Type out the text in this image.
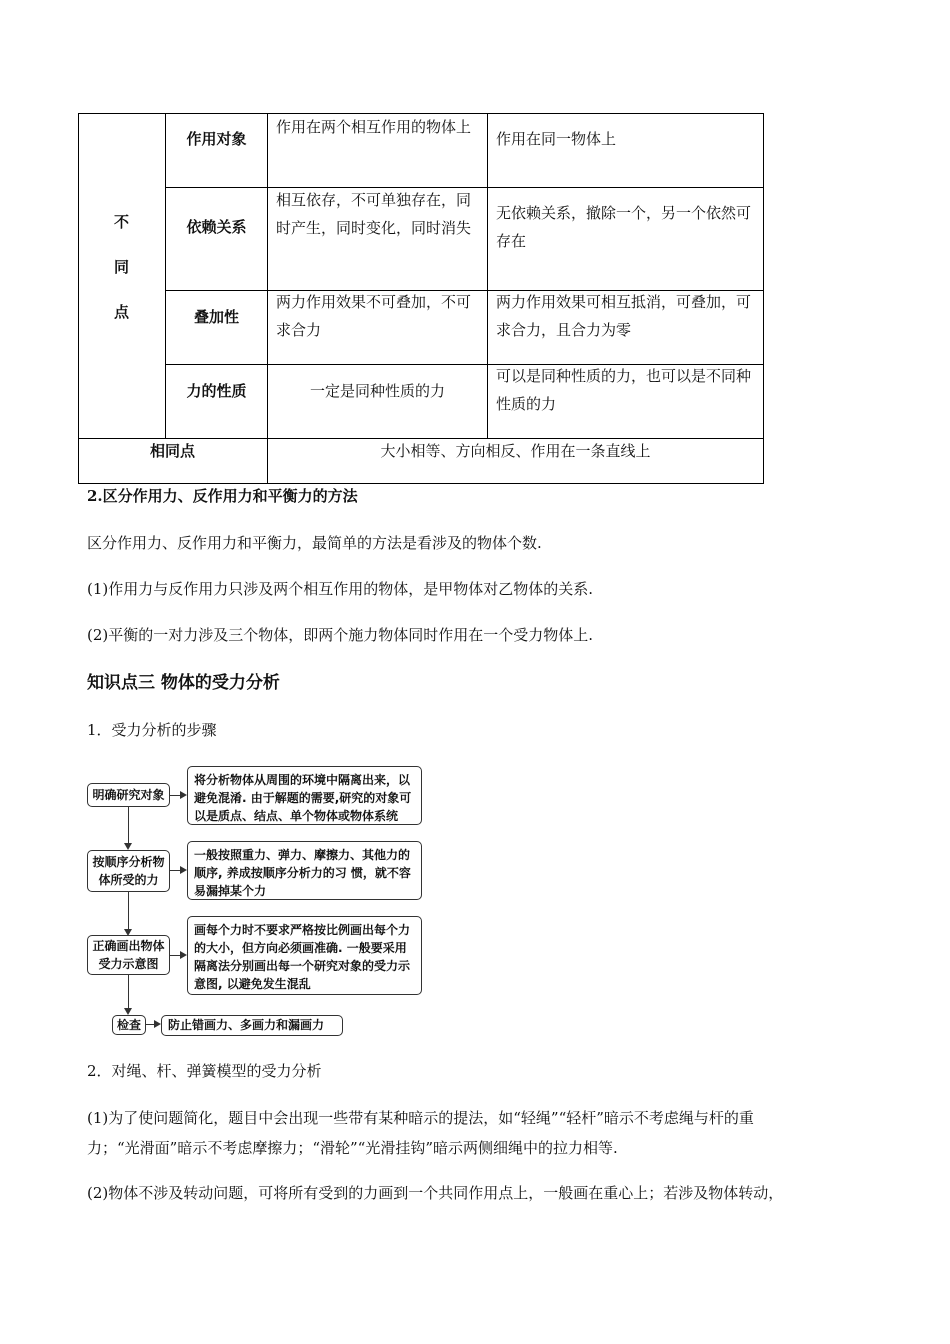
不
同
点
作用对象
作用在两个相互作用的物体上
作用在同一物体上
依赖关系
相互依存，不可单独存在，同时产生，同时变化，同时消失
无依赖关系，撤除一个，另一个依然可存在
叠加性
两力作用效果不可叠加，不可求合力
两力作用效果可相互抵消，可叠加，可求合力，且合力为零
力的性质	一定是同种性质的力
可以是同种性质的力，也可以是不同种性质的力
相同点	大小相等、方向相反、作用在一条直线上
2.区分作用力、反作用力和平衡力的方法
区分作用力、反作用力和平衡力，最简单的方法是看涉及的物体个数.
(1)作用力与反作用力只涉及两个相互作用的物体，是甲物体对乙物体的关系.
(2)平衡的一对力涉及三个物体，即两个施力物体同时作用在一个受力物体上.
知识点三 物体的受力分析
1．受力分析的步骤
明确研究对象
按顺序分析物体所受的力
正确画出物体受力示意图
检查
将分析物体从周围的环境中隔离出来，以避免混淆. 由于解题的需要,研究的对象可以是质点、结点、单个物体或物体系统
一般按照重力、弹力、摩擦力、其他力的顺序, 养成按顺序分析力的习 惯，就不容易漏掉某个力
画每个力时不要求严格按比例画出每个力的大小，但方向必须画准确. 一般要采用隔离法分别画出每一个研究对象的受力示意图, 以避免发生混乱
防止错画力、多画力和漏画力
2．对绳、杆、弹簧模型的受力分析
(1)为了使问题简化，题目中会出现一些带有某种暗示的提法，如“轻绳”“轻杆”暗示不考虑绳与杆的重
力；“光滑面”暗示不考虑摩擦力；“滑轮”“光滑挂钩”暗示两侧细绳中的拉力相等.
(2)物体不涉及转动问题，可将所有受到的力画到一个共同作用点上，一般画在重心上；若涉及物体转动，
